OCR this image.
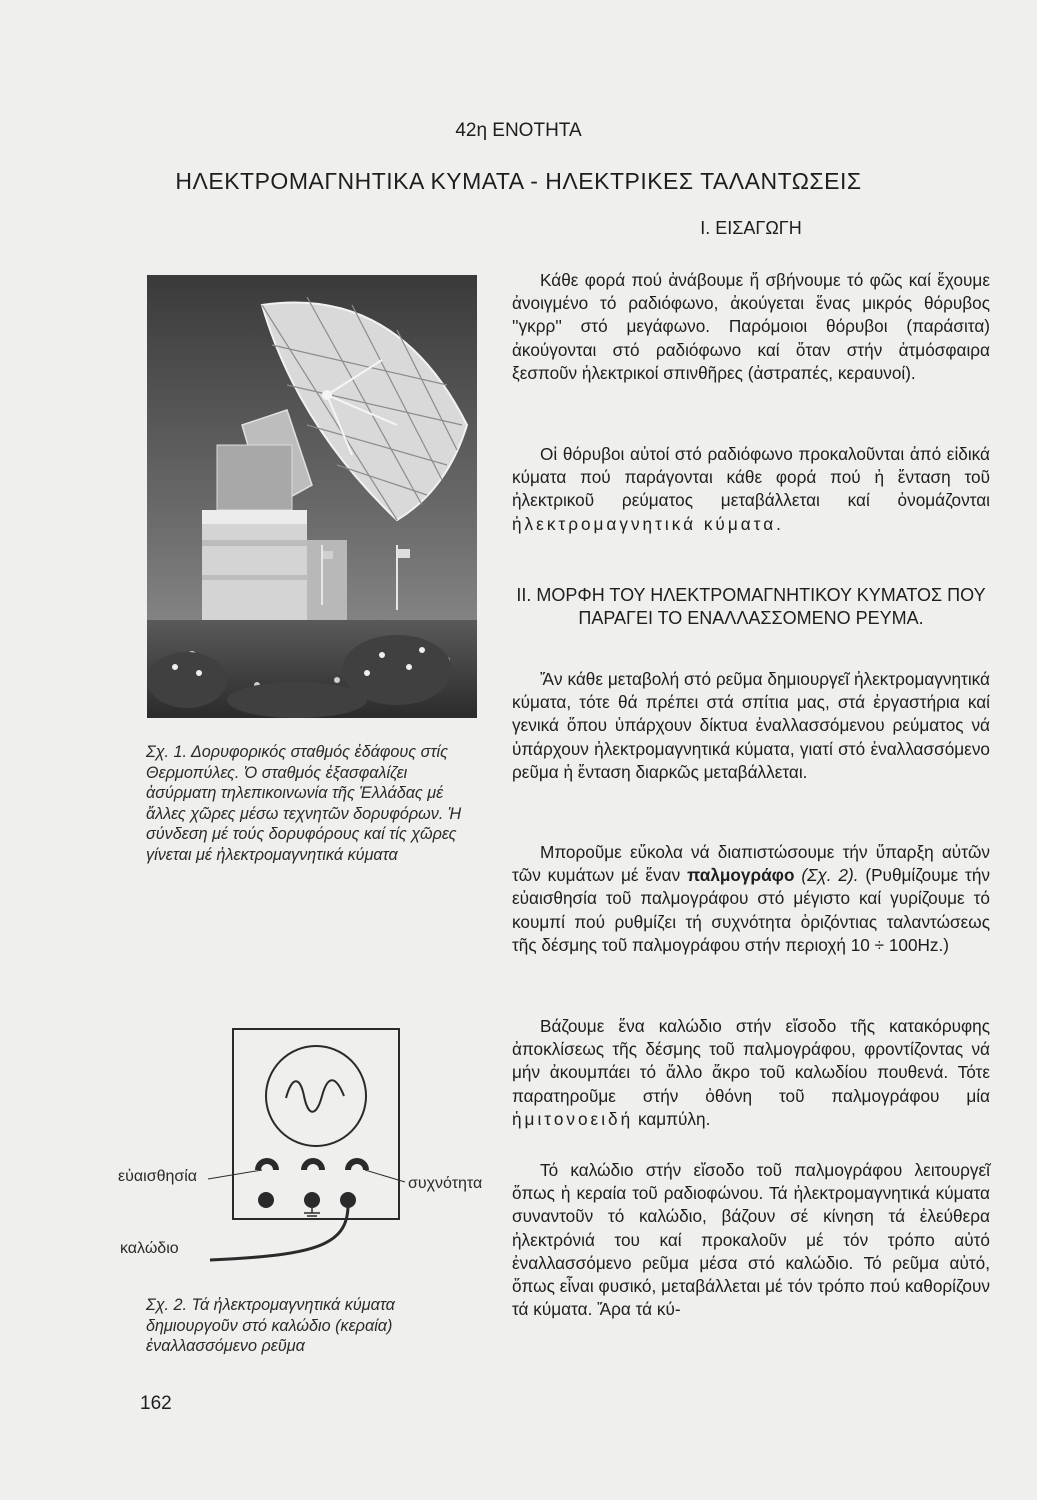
42η ΕΝΟΤΗΤΑ
ΗΛΕΚΤΡΟΜΑΓΝΗΤΙΚΑ ΚΥΜΑΤΑ - ΗΛΕΚΤΡΙΚΕΣ ΤΑΛΑΝΤΩΣΕΙΣ
Σχ. 1. Δορυφορικός σταθμός ἐδάφους στίς Θερμοπύλες. Ὁ σταθμός ἐξασφαλίζει ἀσύρματη τηλεπικοινωνία τῆς Ἑλλάδας μέ ἄλλες χῶρες μέσω τεχνητῶν δορυφόρων. Ἡ σύνδεση μέ τούς δορυφόρους καί τίς χῶρες γίνεται μέ ἠλεκτρομαγνητικά κύματα
εὐαισθησία	συχνότητα
καλώδιο
Σχ. 2. Τά ἠλεκτρομαγνητικά κύματα δημιουργοῦν στό καλώδιο (κεραία) ἐναλλασσόμενο ρεῦμα
Ι. ΕΙΣΑΓΩΓΗ

Κάθε φορά πού ἀνάβουμε ἤ σβήνουμε τό φῶς καί ἔχουμε ἀνοιγμένο τό ραδιόφωνο, ἀκούγεται ἕνας μικρός θόρυβος ''γκρρ'' στό μεγάφωνο. Παρόμοιοι θόρυβοι (παράσιτα) ἀκούγονται στό ραδιόφωνο καί ὅταν στήν ἀτμόσφαιρα ξεσποῦν ἠλεκτρικοί σπινθῆρες (ἀστραπές, κεραυνοί).

Οἱ θόρυβοι αὐτοί στό ραδιόφωνο προκαλοῦνται ἀπό εἰδικά κύματα πού παράγονται κάθε φορά πού ἡ ἔνταση τοῦ ἠλεκτρικοῦ ρεύματος μεταβάλλεται καί ὀνομάζονται ἠλεκτρομαγνητικά κύματα.

ΙΙ. ΜΟΡΦΗ ΤΟΥ ΗΛΕΚΤΡΟΜΑΓΝΗΤΙΚΟΥ ΚΥΜΑΤΟΣ ΠΟΥ ΠΑΡΑΓΕΙ ΤΟ ΕΝΑΛΛΑΣΣΟΜΕΝΟ ΡΕΥΜΑ.

Ἄν κάθε μεταβολή στό ρεῦμα δημιουργεῖ ἠλεκτρομαγνητικά κύματα, τότε θά πρέπει στά σπίτια μας, στά ἐργαστήρια καί γενικά ὅπου ὑπάρχουν δίκτυα ἐναλλασσόμενου ρεύματος νά ὑπάρχουν ἠλεκτρομαγνητικά κύματα, γιατί στό ἐναλλασσόμενο ρεῦμα ἡ ἔνταση διαρκῶς μεταβάλλεται.

Μποροῦμε εὔκολα νά διαπιστώσουμε τήν ὕπαρξη αὐτῶν τῶν κυμάτων μέ ἕναν παλμογράφο (Σχ. 2). (Ρυθμίζουμε τήν εὐαισθησία τοῦ παλμογράφου στό μέγιστο καί γυρίζουμε τό κουμπί πού ρυθμίζει τή συχνότητα ὁριζόντιας ταλαντώσεως τῆς δέσμης τοῦ παλμογράφου στήν περιοχή 10 ÷ 100Hz.)

Βάζουμε ἕνα καλώδιο στήν εἴσοδο τῆς κατακόρυφης ἀποκλίσεως τῆς δέσμης τοῦ παλμογράφου, φροντίζοντας νά μήν ἀκουμπάει τό ἄλλο ἄκρο τοῦ καλωδίου πουθενά. Τότε παρατηροῦμε στήν ὀθόνη τοῦ παλμογράφου μία ἡμιτονοειδή καμπύλη.

Τό καλώδιο στήν εἴσοδο τοῦ παλμογράφου λειτουργεῖ ὅπως ἡ κεραία τοῦ ραδιοφώνου. Τά ἠλεκτρομαγνητικά κύματα συναντοῦν τό καλώδιο, βάζουν σέ κίνηση τά ἐλεύθερα ἠλεκτρόνιά του καί προκαλοῦν μέ τόν τρόπο αὐτό ἐναλλασσόμενο ρεῦμα μέσα στό καλώδιο. Τό ρεῦμα αὐτό, ὅπως εἶναι φυσικό, μεταβάλλεται μέ τόν τρόπο πού καθορίζουν τά κύματα. Ἄρα τά κύ-

162
